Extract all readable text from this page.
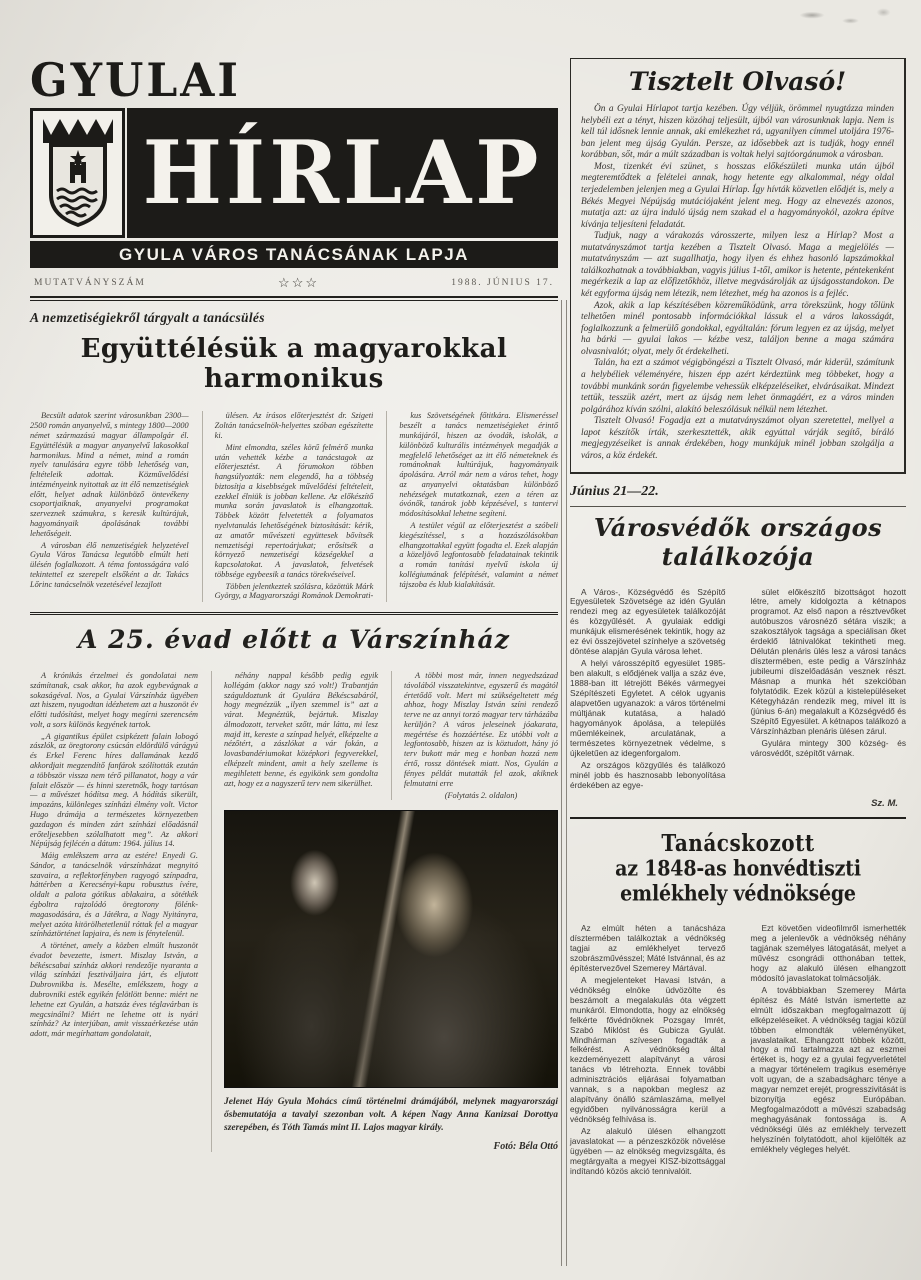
GYULAI
HÍRLAP
GYULA VÁROS TANÁCSÁNAK LAPJA
MUTATVÁNYSZÁM	☆☆☆	1988. JÚNIUS 17.
A nemzetiségiekről tárgyalt a tanácsülés
Együttélésük a magyarokkal harmonikus

Becsült adatok szerint városunkban 2300—2500 román anyanyelvű, s mintegy 1800—2000 német származású magyar állampolgár él. Együttélésük a magyar anyanyelvű lakosokkal harmonikus. Mind a német, mind a román nyelv tanulására egyre több lehetőség van, feltételeik adottak. Közművelődési intézményeink nyitottak az itt élő nemzetiségiek előtt, helyet adnak különböző öntevékeny csoportjaiknak, anyanyelvi programokat szerveznek számukra, s keresik kultúrájuk, hagyományaik ápolásának további lehetőségeit.

A városban élő nemzetiségiek helyzetével Gyula Város Tanácsa legutóbb elmúlt heti ülésén foglalkozott. A téma fontosságára való tekintettel ez szerepelt elsőként a dr. Takács Lőrinc tanácselnök vezetésével lezajlott

ülésen. Az írásos előterjesztést dr. Szigeti Zoltán tanácselnök-helyettes szóban egészítette ki.

Mint elmondta, széles körű felmérő munka után vehették kézbe a tanácstagok az előterjesztést. A fórumokon többen hangsúlyozták: nem elegendő, ha a többség biztosítja a kisebbségek művelődési feltételeit, ezekkel élniük is jobban kellene. Az előkészítő munka során javaslatok is elhangzottak. Többek között felvetették a folyamatos nyelvtanulás lehetőségének biztosítását: kérik, az amatőr művészeti együttesek bővítsék nemzetiségi repertoárjukat; erősítsék a környező nemzetiségi községekkel a kapcsolatokat. A javaslatok, felvetések többsége egybeesik a tanács törekvéseivel.

Többen jelentkeztek szólásra, közöttük Márk György, a Magyarországi Románok Demokrati-

kus Szövetségének főtitkára. Elismeréssel beszélt a tanács nemzetiségieket érintő munkájáról, hiszen az óvodák, iskolák, a különböző kulturális intézmények megadják a megfelelő lehetőséget az itt élő németeknek és románoknak kultúrájuk, hagyományaik ápolására. Arról már nem a város tehet, hogy az anyanyelvi oktatásban különböző nehézségek mutatkoznak, ezen a téren az óvónők, tanárok jobb képzésével, s tantervi módosításokkal lehetne segíteni.

A testület végül az előterjesztést a szóbeli kiegészítéssel, s a hozzászólásokban elhangzottakkal együtt fogadta el. Ezek alapján a közeljövő legfontosabb feladatainak tekintik a román tanítási nyelvű iskola új kollégiumának felépítését, valamint a német tájszoba és klub kialakítását.

A 25. évad előtt a Várszínház

A krónikás érzelmei és gondolatai nem számítanak, csak akkor, ha azok egybevágnak a sokaságéval. Nos, a Gyulai Várszínház ügyében azt hiszem, nyugodtan idézhetem azt a huszonöt év előtti tudósítást, melyet hogy megírni szerencsém volt, a sors különös kegyének tartok.

„A gigantikus épület csipkézett falain lobogó zászlók, az öregtorony csúcsán eldördülő várágyú és Erkel Ferenc híres dallamának kezdő akkordjait megzendítő fanfárok szólították ezután a többször vissza nem térő pillanatot, hogy a vár falait először — és hinni szeretnők, hogy tartósan — a művészet hódítsa meg. A hódítás sikerült, impozáns, különleges színházi élmény volt. Victor Hugo drámája a természetes környezetben gazdagon és minden zárt színházi előadásnál erőteljesebben szólalhatott meg”. Az akkori Népújság fejlécén a dátum: 1964. július 14.

Máig emlékszem arra az estére! Enyedi G. Sándor, a tanácselnök várszínházat megnyitó szavaira, a reflektorfényben ragyogó színpadra, háttérben a Kerecsényi-kapu robusztus ívére, oldalt a palota gótikus ablakaira, a sötétkék égboltra rajzolódó öregtorony fölénk-magasodására, és a Játékra, a Nagy Nyitányra, melyet azóta kitörölhetetlenül róttak fel a magyar színháztörténet lapjaira, és nem is fénytelenül.

A történet, amely a közben elmúlt huszonöt évadot bevezette, ismert. Miszlay István, a békéscsabai színház akkori rendezője nyaranta a világ színházi fesztiváljaira járt, és eljutott Dubrovnikba is. Mesélte, emlékszem, hogy a dubrovniki esték egyikén felötlött benne: miért ne lehetne ezt Gyulán, a hatszáz éves téglavárban is megcsinálni? Miért ne lehetne ott is nyári színház? Az interjúban, amit visszaérkezése után adott, már megírhattam gondolatait,

néhány nappal később pedig egyik kollégám (akkor nagy szó volt!) Trabantján száguldoztunk át Gyulára Békéscsabáról, hogy megnézzük „ilyen szemmel is” azt a várat. Megnéztük, bejártuk. Miszlay álmodozott, terveket szőtt, már látta, mi lesz majd itt, kereste a színpad helyét, elképzelte a nézőtért, a zászlókat a vár fokán, a lovasbandériumokat középkori fegyverekkel, elképzelt mindent, amit a hely szelleme is megihletett benne, és egyikönk sem gondolta azt, hogy ez a nagyszerű terv nem sikerülhet.

A többi most már, innen negyedszázad távolából visszatekintve, egyszerű és magától értetődő volt. Mert mi szükségeltetett még ahhoz, hogy Miszlay István színi rendező terve ne az annyi torzó magyar terv tárházába kerüljön? A város jeleseinek jóakarata, megértése és hozzáértése. Ez utóbbi volt a legfontosabb, hiszen az is köztudott, hány jó terv bukott már meg e honban hozzá nem értő, rossz döntések miatt. Nos, Gyulán a fényes példát mutatták fel azok, akiknek felmutatni erre

(Folytatás 2. oldalon)
Jelenet Háy Gyula Mohács című történelmi drámájából, melynek magyarországi ősbemutatója a tavalyi szezonban volt. A képen Nagy Anna Kanizsai Dorottya szerepében, és Tóth Tamás mint II. Lajos magyar király.
Fotó: Béla Ottó
Tisztelt Olvasó!

Ön a Gyulai Hírlapot tartja kezében. Úgy véljük, örömmel nyugtázza minden helybéli ezt a tényt, hiszen közóhaj teljesült, újból van városunknak lapja. Nem is kell túl idősnek lennie annak, aki emlékezhet rá, ugyanilyen címmel utoljára 1976-ban jelent meg újság Gyulán. Persze, az idősebbek azt is tudják, hogy ennél korábban, sőt, már a múlt században is voltak helyi sajtóorgánumok a városban.

Most, tizenkét évi szünet, s hosszas előkészületi munka után újból megteremtődtek a felételei annak, hogy hetente egy alkalommal, négy oldal terjedelemben jelenjen meg a Gyulai Hírlap. Így hívták közvetlen elődjét is, mely a Békés Megyei Népújság mutációjaként jelent meg. Hogy az elnevezés azonos, mutatja azt: az újra induló újság nem szakad el a hagyományokól, azokra építve kívánja teljesíteni feladatát.

Tudjuk, nagy a várakozás városszerte, milyen lesz a Hírlap? Most a mutatványszámot tartja kezében a Tisztelt Olvasó. Maga a megjelölés — mutatványszám — azt sugallhatja, hogy ilyen és ehhez hasonló lapszámokkal találkozhatnak a továbbiakban, vagyis július 1-től, amikor is hetente, péntekenként megérkezik a lap az előfizetőkhöz, illetve megvásárolják az újságosstandokon. De két egyforma újság nem létezik, nem létezhet, még ha azonos is a fejléc.

Azok, akik a lap készítésében közreműködünk, arra törekszünk, hogy tőlünk telhetően minél pontosabb információkkal lássuk el a város lakosságát, foglalkozzunk a felmerülő gondokkal, egyáltalán: fórum legyen ez az újság, melyet ha bárki — gyulai lakos — kézbe vesz, találjon benne a maga számára olvasnivalót; olyat, mely őt érdekelheti.

Talán, ha ezt a számot végigböngészi a Tisztelt Olvasó, már kiderül, számítunk a helybéliek véleményére, hiszen épp azért kérdeztünk meg többeket, hogy a további munkánk során figyelembe vehessük elképzeléseiket, elvárásaikat. Mindezt tettük, tesszük azért, mert az újság nem lehet önmagáért, ez a város minden polgárához kíván szólni, alakító beleszólásuk nélkül nem létezhet.

Tisztelt Olvasó! Fogadja ezt a mutatványszámot olyan szeretettel, mellyel a lapot készítők írták, szerkesztették, akik egyúttal várják segítő, bíráló megjegyzéseiket is annak érdekében, hogy munkájuk minél jobban szolgálja a város, a köz érdekét.

Június 21—22.
Városvédők országos találkozója

A Város-, Községvédő és Szépítő Egyesületek Szövetsége az idén Gyulán rendezi meg az egyesületek találkozóját és közgyűlését. A gyulaiak eddigi munkájuk elismerésének tekintik, hogy az ez évi összejövetel színhelye a szövetség döntése alapján Gyula városa lehet.

A helyi városszépítő egyesület 1985-ben alakult, s elődjének vallja a száz éve, 1888-ban itt létrejött Békés vármegyei Szépítészeti Egyletet. A célok ugyanis alapvetően ugyanazok: a város történelmi múltjának kutatása, a haladó hagyományok ápolása, a település műemlékeinek, arculatának, a természetes környezetnek védelme, s újkeletűen az idegenforgalom.

Az országos közgyűlés és találkozó minél jobb és hasznosabb lebonyolítása érdekében az egye-

sület előkészítő bizottságot hozott létre, amely kidolgozta a kétnapos programot. Az első napon a résztvevőket autóbuszos városnéző sétára viszik; a szakosztályok tagsága a speciálisan őket érdeklő látnivalókat tekintheti meg. Délután plenáris ülés lesz a városi tanács dísztermében, este pedig a Várszínház jubileumi díszelőadásán vesznek részt. Másnap a munka hét szekcióban folytatódik. Ezek közül a kistelepüléseket Kétegyházán rendezik meg, mivel itt is (június 6-án) megalakult a Községvédő és Szépítő Egyesület. A kétnapos találkozó a Várszínházban plenáris ülésen zárul.

Gyulára mintegy 300 község- és városvédőt, szépítőt várnak.

Sz. M.
Tanácskozott
az 1848-as honvédtiszti emlékhely védnöksége

Az elmúlt héten a tanácsháza dísztermében találkoztak a védnökség tagjai az emlékhelyet tervező szobrászművésszel; Máté Istvánnal, és az építéstervezővel Szemerey Mártával.

A megjelenteket Havasi István, a védnökség elnöke üdvözölte és beszámolt a megalakulás óta végzett munkáról. Elmondotta, hogy az elnökség felkérte fővédnöknek Pozsgay Imrét, Szabó Miklóst és Gubicza Gyulát. Mindhárman szívesen fogadták a felkérést. A védnökség által kezdeményezett alapítványt a városi tanács vb létrehozta. Ennek további adminisztrációs eljárásai folyamatban vannak, s a napokban meglesz az alapítvány önálló számlaszáma, mellyel egyidőben nyilvánosságra kerül a védnökség felhívása is.

Az alakuló ülésen elhangzott javaslatokat — a pénzeszközök növelése ügyében — az elnökség megvizsgálta, és megtárgyalta a megyei KISZ-bizottsággal indítandó közös akció tennivalóit.

Ezt követően videofilmről ismerhették meg a jelenlevők a védnökség néhány tagjának személyes látogatását, melyet a művész csongrádi otthonában tettek, hogy az alakuló ülésen elhangzott módosító javaslatokat tolmácsolják.

A továbbiakban Szemerey Márta építész és Máté István ismertette az elmúlt időszakban megfogalmazott új elképzeléseiket. A védnökség tagjai közül többen elmondták véleményüket, javaslataikat. Elhangzott többek között, hogy a mű tartalmazza azt az eszmei értéket is, hogy ez a gyulai fegyverletétel a magyar történelem tragikus eseménye volt ugyan, de a szabadságharc ténye a magyar nemzet erejét, progresszivitását is bizonyítja egész Európában. Megfogalmazódott a művészi szabadság meghagyásának fontossága is. A védnökségi ülés az emlékhely tervezett helyszínén folytatódott, ahol kijelölték az emlékhely végleges helyét.
